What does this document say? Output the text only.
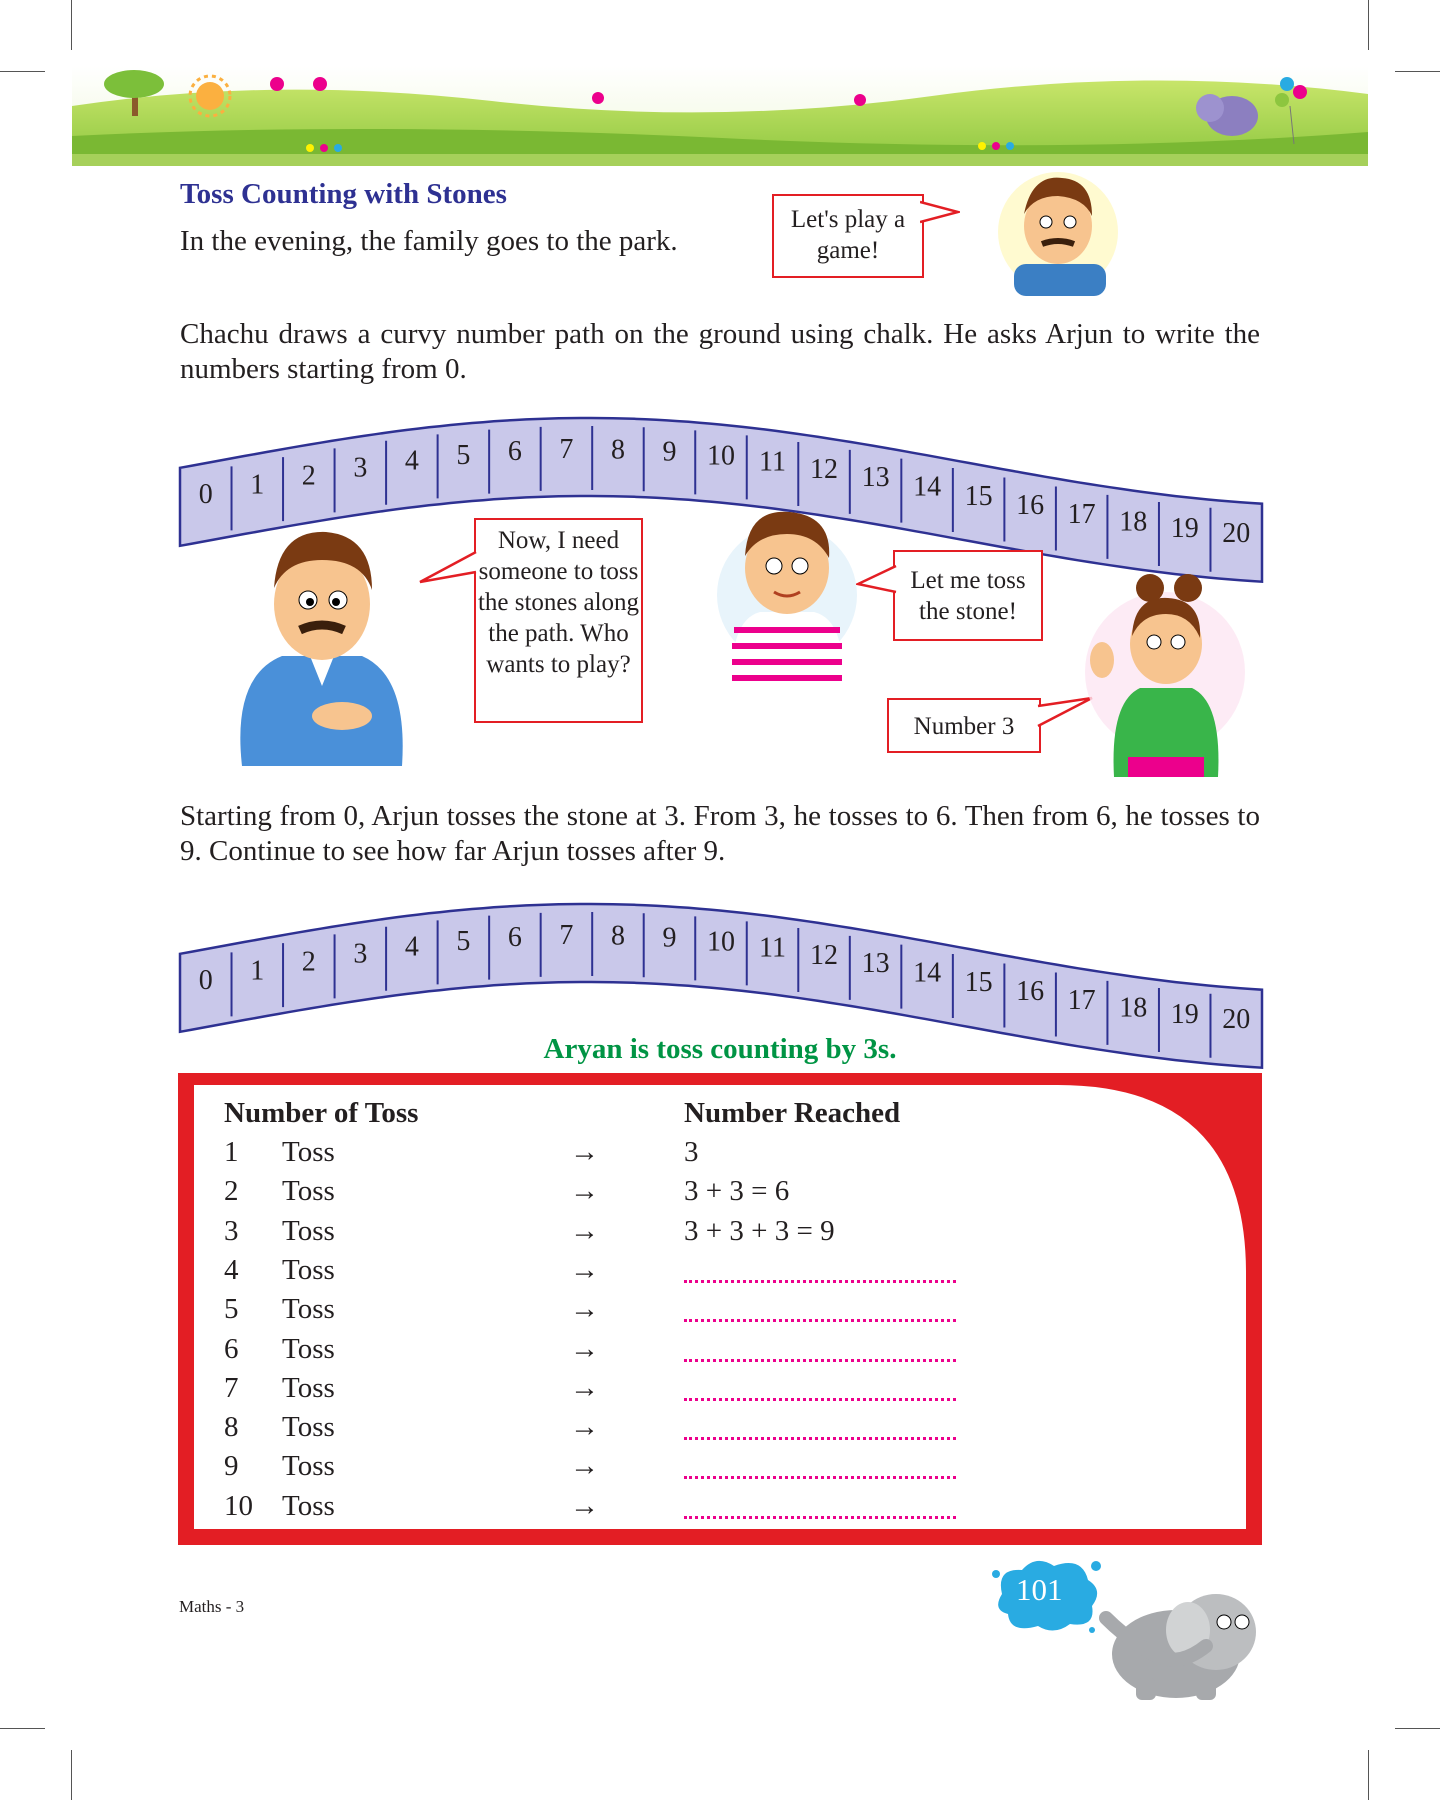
Toss Counting with Stones
In the evening, the family goes to the park.
Let's play a game!
Chachu draws a curvy number path on the ground using chalk. He asks Arjun to write the numbers starting from 0.
0 1 2 3 4 5 6 7 8 9 10 11 12 13 14 15 16 17 18 19 20
Now, I need someone to toss the stones along the path. Who wants to play?
Let me toss the stone!
Number 3
Starting from 0, Arjun tosses the stone at 3. From 3, he tosses to 6. Then from 6, he tosses to 9. Continue to see how far Arjun tosses after 9.
0 1 2 3 4 5 6 7 8 9 10 11 12 13 14 15 16 17 18 19 20
Aryan is toss counting by 3s.
Number of Toss	Number Reached
1 Toss	→	3
2 Toss	→	3 + 3 = 6
3 Toss	→	3 + 3 + 3 = 9
4 Toss	→
5 Toss	→
6 Toss	→
7 Toss	→
8 Toss	→
9 Toss	→
10 Toss	→
Maths - 3	101
